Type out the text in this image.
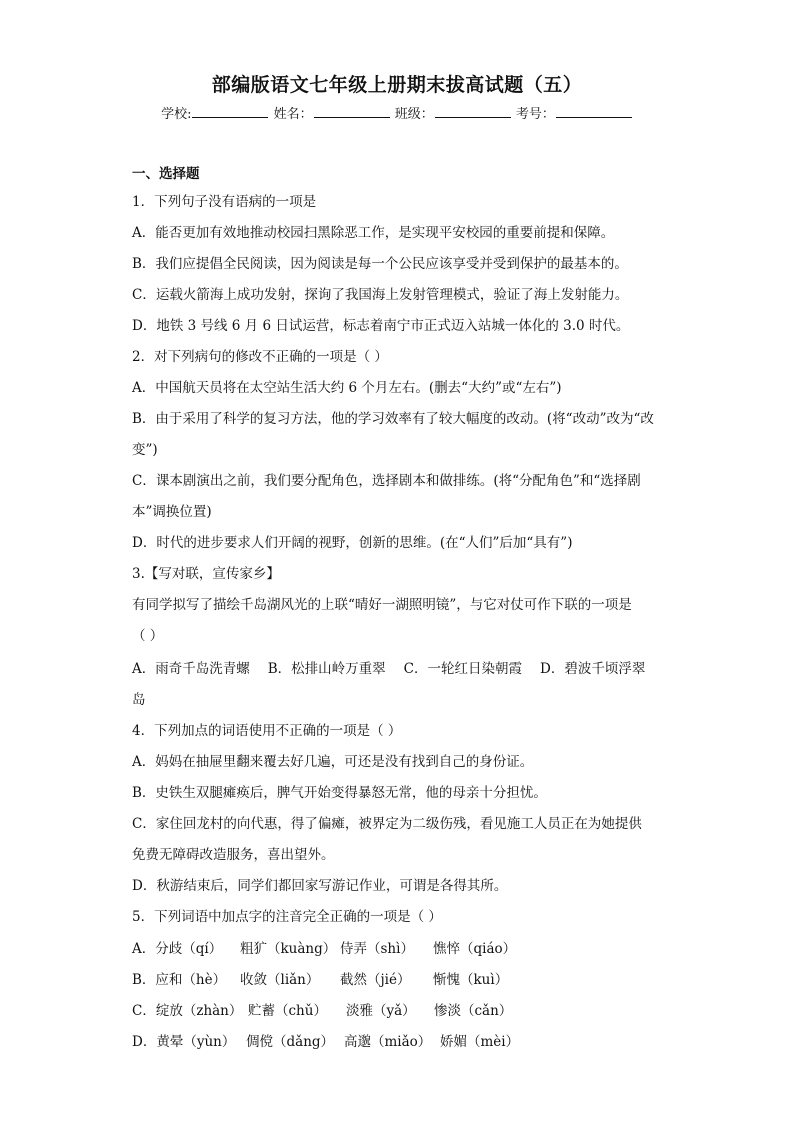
部编版语文七年级上册期末拔高试题（五）
学校:	姓名：	班级：	考号：
一、选择题
1．下列句子没有语病的一项是
A．能否更加有效地推动校园扫黑除恶工作，是实现平安校园的重要前提和保障。
B．我们应提倡全民阅读，因为阅读是每一个公民应该享受并受到保护的最基本的。
C．运载火箭海上成功发射，探询了我国海上发射管理模式，验证了海上发射能力。
D．地铁 3 号线 6 月 6 日试运营，标志着南宁市正式迈入站城一体化的 3.0 时代。
2．对下列病句的修改不正确的一项是（ ）
A．中国航天员将在太空站生活大约 6 个月左右。(删去“大约”或“左右”)
B．由于采用了科学的复习方法，他的学习效率有了较大幅度的改动。(将“改动”改为“改
变”)
C．课本剧演出之前，我们要分配角色，选择剧本和做排练。(将“分配角色”和“选择剧
本”调换位置)
D．时代的进步要求人们开阔的视野，创新的思维。(在“人们”后加“具有”)
3.【写对联，宣传家乡】
有同学拟写了描绘千岛湖风光的上联“晴好一湖照明镜”，与它对仗可作下联的一项是
（ ）
A．雨奇千岛洗青螺 B．松排山岭万重翠 C．一轮红日染朝霞 D．碧波千顷浮翠
岛
4．下列加点的词语使用不正确的一项是（ ）
A．妈妈在抽屉里翻来覆去好几遍，可还是没有找到自己的身份证。
B．史铁生双腿瘫痪后，脾气开始变得暴怒无常，他的母亲十分担忧。
C．家住回龙村的向代惠，得了偏瘫，被界定为二级伤残，看见施工人员正在为她提供
免费无障碍改造服务，喜出望外。
D．秋游结束后，同学们都回家写游记作业，可谓是各得其所。
5．下列词语中加点字的注音完全正确的一项是（ ）
A．分歧（qí） 粗犷（kuàng） 侍弄（shì） 憔悴（qiáo）
B．应和（hè） 收敛（liǎn） 截然（jié） 惭愧（kuì）
C．绽放（zhàn） 贮蓄（chǔ） 淡雅（yǎ） 惨淡（cǎn）
D．黄晕（yùn） 倜傥（dǎng） 高邈（miǎo） 娇媚（mèi）
